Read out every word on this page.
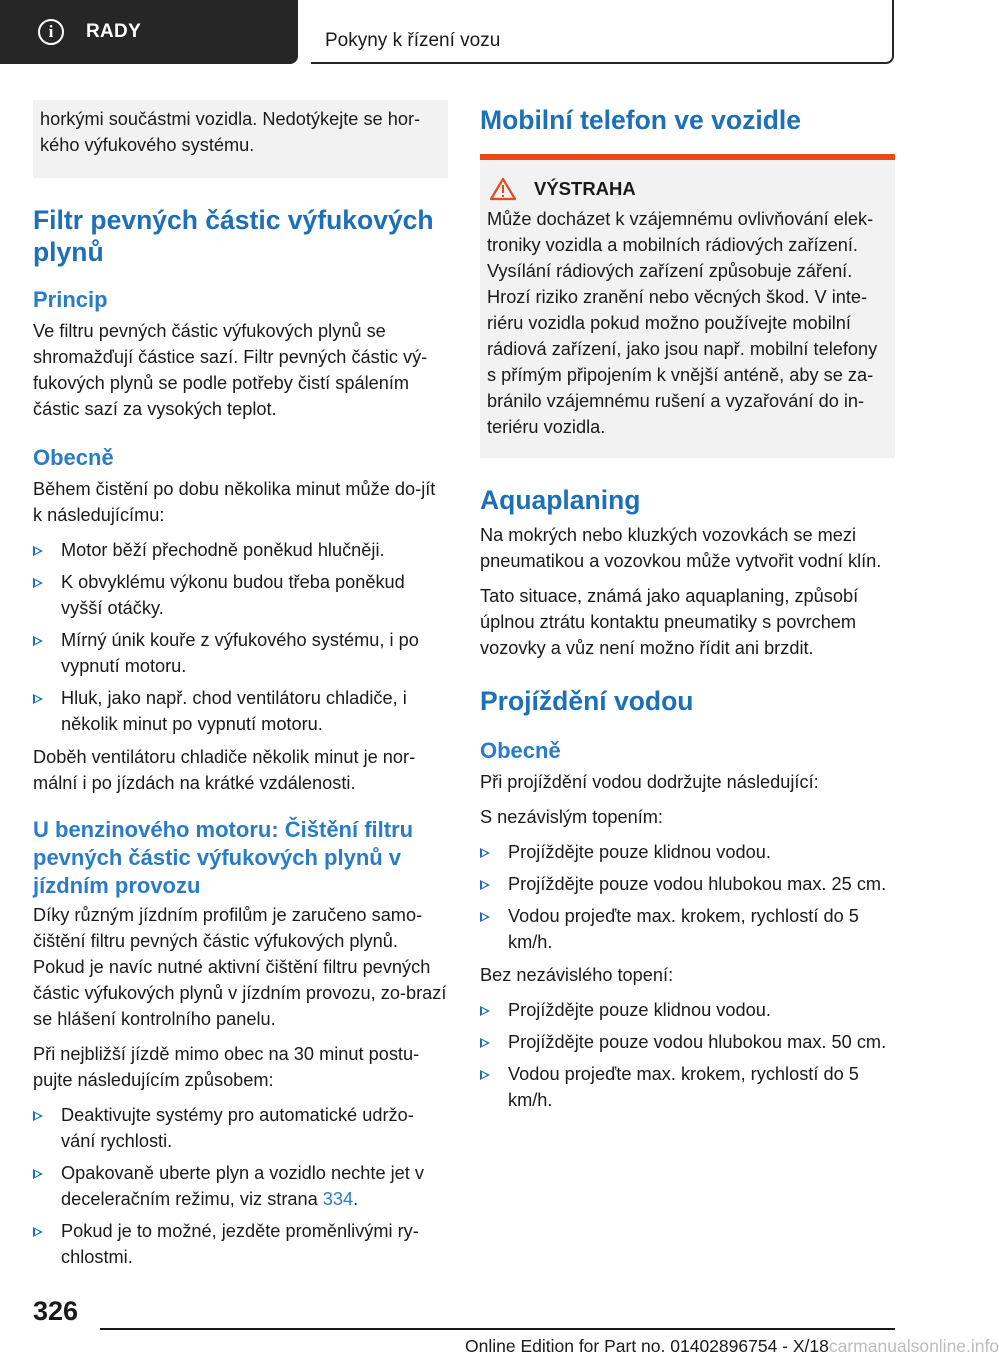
i	RADY	Pokyny k řízení vozu

horkými součástmi vozidla. Nedotýkejte se hor-kého výfukového systému.

Filtr pevných částic výfukových plynů
Princip

Ve filtru pevných částic výfukových plynů se shromažďují částice sazí. Filtr pevných částic vý-fukových plynů se podle potřeby čistí spálením částic sazí za vysokých teplot.

Obecně

Během čistění po dobu několika minut může do-jít k následujícímu:

Motor běží přechodně poněkud hlučněji.
K obvyklému výkonu budou třeba poněkud vyšší otáčky.
Mírný únik kouře z výfukového systému, i po vypnutí motoru.
Hluk, jako např. chod ventilátoru chladiče, i několik minut po vypnutí motoru.

Doběh ventilátoru chladiče několik minut je nor-mální i po jízdách na krátké vzdálenosti.

U benzinového motoru: Čištění filtru pevných částic výfukových plynů v jízdním provozu

Díky různým jízdním profilům je zaručeno samo-čištění filtru pevných částic výfukových plynů. Pokud je navíc nutné aktivní čištění filtru pevných částic výfukových plynů v jízdním provozu, zo-brazí se hlášení kontrolního panelu.

Při nejbližší jízdě mimo obec na 30 minut postu-pujte následujícím způsobem:

Deaktivujte systémy pro automatické udržo-vání rychlosti.
Opakovaně uberte plyn a vozidlo nechte jet v deceleračním režimu, viz strana 334.
Pokud je to možné, jezděte proměnlivými ry-chlostmi.
Mobilní telefon ve vozidle
VÝSTRAHA

Může docházet k vzájemnému ovlivňování elek-troniky vozidla a mobilních rádiových zařízení. Vysílání rádiových zařízení způsobuje záření. Hrozí riziko zranění nebo věcných škod. V inte-riéru vozidla pokud možno používejte mobilní rádiová zařízení, jako jsou např. mobilní telefony s přímým připojením k vnější anténě, aby se za-bránilo vzájemnému rušení a vyzařování do in-teriéru vozidla.

Aquaplaning

Na mokrých nebo kluzkých vozovkách se mezi pneumatikou a vozovkou může vytvořit vodní klín.

Tato situace, známá jako aquaplaning, způsobí úplnou ztrátu kontaktu pneumatiky s povrchem vozovky a vůz není možno řídit ani brzdit.

Projíždění vodou
Obecně

Při projíždění vodou dodržujte následující:

S nezávislým topením:

Projíždějte pouze klidnou vodou.
Projíždějte pouze vodou hlubokou max. 25 cm.
Vodou projeďte max. krokem, rychlostí do 5 km/h.

Bez nezávislého topení:

Projíždějte pouze klidnou vodou.
Projíždějte pouze vodou hlubokou max. 50 cm.
Vodou projeďte max. krokem, rychlostí do 5 km/h.
326
Online Edition for Part no. 01402896754 - X/18carmanualsonline.info
